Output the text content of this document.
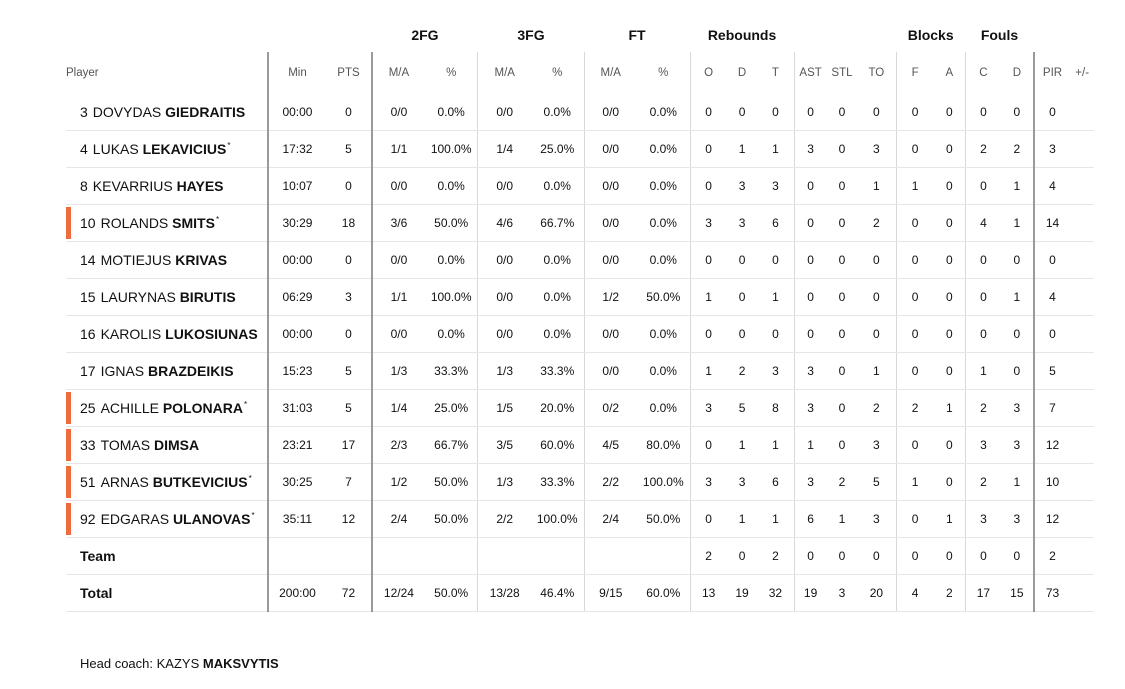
			2FG		3FG		FT		Rebounds						Blocks		Fouls			
Player	Min	PTS	M/A	%	M/A	%	M/A	%	O	D	T	AST	STL	TO	F	A	C	D	PIR	+/-
3 DOVYDAS GIEDRAITIS	00:00	0	0/0	0.0%	0/0	0.0%	0/0	0.0%	0	0	0	0	0	0	0	0	0	0	0	
4 LUKAS LEKAVICIUS*	17:32	5	1/1	100.0%	1/4	25.0%	0/0	0.0%	0	1	1	3	0	3	0	0	2	2	3	
8 KEVARRIUS HAYES	10:07	0	0/0	0.0%	0/0	0.0%	0/0	0.0%	0	3	3	0	0	1	1	0	0	1	4	
10 ROLANDS SMITS*	30:29	18	3/6	50.0%	4/6	66.7%	0/0	0.0%	3	3	6	0	0	2	0	0	4	1	14	
14 MOTIEJUS KRIVAS	00:00	0	0/0	0.0%	0/0	0.0%	0/0	0.0%	0	0	0	0	0	0	0	0	0	0	0	
15 LAURYNAS BIRUTIS	06:29	3	1/1	100.0%	0/0	0.0%	1/2	50.0%	1	0	1	0	0	0	0	0	0	1	4	
16 KAROLIS LUKOSIUNAS	00:00	0	0/0	0.0%	0/0	0.0%	0/0	0.0%	0	0	0	0	0	0	0	0	0	0	0	
17 IGNAS BRAZDEIKIS	15:23	5	1/3	33.3%	1/3	33.3%	0/0	0.0%	1	2	3	3	0	1	0	0	1	0	5	
25 ACHILLE POLONARA*	31:03	5	1/4	25.0%	1/5	20.0%	0/2	0.0%	3	5	8	3	0	2	2	1	2	3	7	
33 TOMAS DIMSA	23:21	17	2/3	66.7%	3/5	60.0%	4/5	80.0%	0	1	1	1	0	3	0	0	3	3	12	
51 ARNAS BUTKEVICIUS*	30:25	7	1/2	50.0%	1/3	33.3%	2/2	100.0%	3	3	6	3	2	5	1	0	2	1	10	
92 EDGARAS ULANOVAS*	35:11	12	2/4	50.0%	2/2	100.0%	2/4	50.0%	0	1	1	6	1	3	0	1	3	3	12	
Team									2	0	2	0	0	0	0	0	0	0	2	
Total	200:00	72	12/24	50.0%	13/28	46.4%	9/15	60.0%	13	19	32	19	3	20	4	2	17	15	73	
Head coach: KAZYS MAKSVYTIS
